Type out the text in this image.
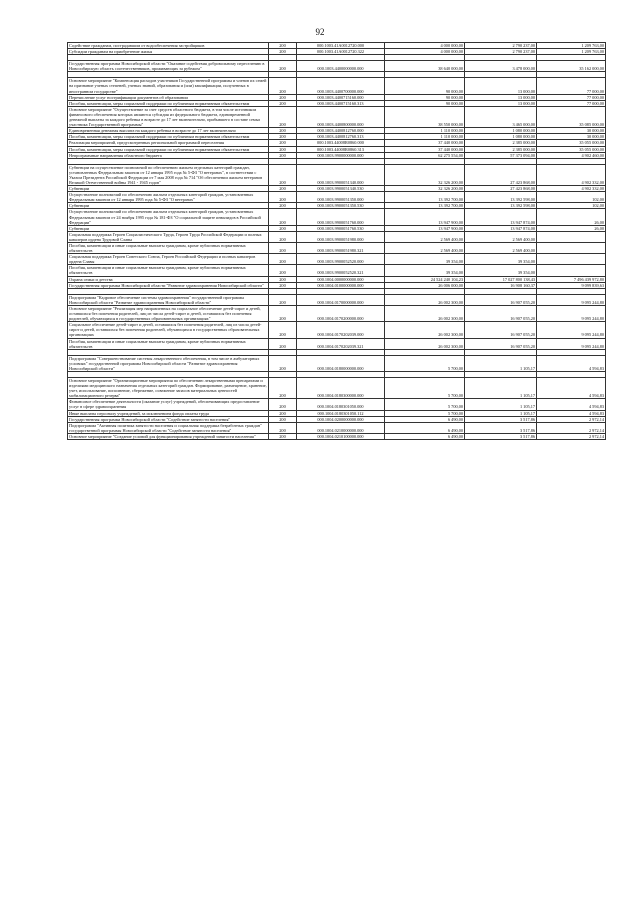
92
Содействие гражданам, пострадавшим от водообеспечения застройщиков	200	000.1003.41А0012720.000	4 000 000,00	2 790 237,00	1 209 763,00
Субсидии гражданам на приобретение жилья	200	000.1003.41А0012720.322	4 000 000,00	2 790 237,00	1 209 763,00

Государственная программа Новосибирской области "Оказание содействия добровольному переселению в Новосибирскую область соотечественников, проживающих за рубежом"	200	000.1003.4400000000.000	38 640 000,00	3 478 000,00	35 162 000,00

Основное мероприятие "Компенсация расходов участников Государственной программы и членов их семей на признание ученых степеней, ученых званий, образования и (или) квалификации, полученных в иностранном государстве"	200	000.1003.4400700000.000	90 000,00	13 000,00	77 000,00
Перечисление услуг нострификации документов об образовании	200	000.1003.4400715160.000	90 000,00	13 000,00	77 000,00
Пособия, компенсации, меры социальной поддержки по публичным нормативным обязательствам	200	000.1003.4400715160.313	90 000,00	13 000,00	77 000,00
Основное мероприятие "Осуществление за счет средств областного бюджета, в том числе источником финансового обеспечения которых являются субсидия из федерального бюджета, единовременной денежной выплаты за каждого ребенка в возрасте до 17 лет включительно, прибывшего в составе семьи участника Государственной программы"	200	000.1003.4400800000.000	38 550 000,00	3 465 000,00	35 085 000,00
Единовременная денежная выплата на каждого ребенка в возрасте до 17 лет включительно	200	000.1003.4400812760.000	1 110 000,00	1 080 000,00	30 000,00
Пособия, компенсации, меры социальной поддержки по публичным нормативным обязательствам	200	000.1003.4400812760.313	1 110 000,00	1 080 000,00	30 000,00
Реализация мероприятий, предусмотренных региональной программой переселения	200	000.1003.44008R0860.000	37 440 000,00	2 385 000,00	35 055 000,00
Пособия, компенсации, меры социальной поддержки по публичным нормативным обязательствам	200	000.1003.44008R0860.313	37 440 000,00	2 385 000,00	35 055 000,00
Непрограммные направления областного бюджета	200	000.1003.9900000000.000	62 275 554,00	57 373 094,00	4 902 460,00

Субвенции на осуществление полномочий по обеспечению жильем отдельных категорий граждан, установленных Федеральным законом от 12 января 1995 года № 5-ФЗ "О ветеранах", в соответствии с Указом Президента Российской Федерации от 7 мая 2008 года № 714 "Об обеспечении жильем ветеранов Великой Отечественной войны 1941 - 1945 годов"	200	000.1003.9900051340.000	32 326 200,00	27 423 868,00	4 902 332,00
Субвенции	200	000.1003.9900051340.530	32 326 200,00	27 423 868,00	4 902 332,00
Осуществление полномочий по обеспечению жильем отдельных категорий граждан, установленных Федеральным законом от 12 января 1995 года № 5-ФЗ "О ветеранах"	200	000.1003.9900051350.000	13 392 700,00	13 392 598,00	102,00
Субвенции	200	000.1003.9900051350.530	13 392 700,00	13 392 598,00	102,00
Осуществление полномочий по обеспечению жильем отдельных категорий граждан, установленных Федеральным законом от 24 ноября 1995 года № 181-ФЗ "О социальной защите инвалидов в Российской Федерации"	200	000.1003.9900051760.000	13 947 900,00	13 947 874,00	26,00
Субвенции	200	000.1003.9900051760.530	13 947 900,00	13 947 874,00	26,00
Социальная поддержка Героев Социалистического Труда, Героев Труда Российской Федерации и полных кавалеров ордена Трудовой Славы	200	000.1003.9900051980.000	2 569 400,00	2 569 400,00	
Пособия, компенсации и иные социальные выплаты гражданам, кроме публичных нормативных обязательств	200	000.1003.9900051980.321	2 569 400,00	2 569 400,00	
Социальная поддержка Героев Советского Союза, Героев Российской Федерации и полных кавалеров ордена Славы	200	000.1003.9900052520.000	39 354,00	39 354,00	
Пособия, компенсации и иные социальные выплаты гражданам, кроме публичных нормативных обязательств	200	000.1003.9900052520.321	39 354,00	39 354,00	
Охрана семьи и детства	200	000.1004.0000000000.000	24 524 240 104,23	17 027 800 138,43	7 496 439 972,80
Государственная программа Новосибирской области "Развитие здравоохранения Новосибирской области"	200	000.1004.0100000000.000	26 006 000,00	16 908 160,37	9 099 839,63

Подпрограмма "Кадровое обеспечение системы здравоохранения" государственной программы Новосибирской области "Развитие здравоохранения Новосибирской области"	200	000.1004.0170000000.000	26 002 300,00	16 907 055,20	9 095 244,80
Основное мероприятие "Реализация мер направленных на социальное обеспечение детей-сирот и детей, оставшихся без попечения родителей, лиц из числа детей-сирот и детей, оставшихся без попечения родителей, обучающихся в государственных образовательных организациях"	200	000.1004.0170200000.000	26 002 300,00	16 907 055,20	9 095 244,80
Социальное обеспечение детей-сирот и детей, оставшихся без попечения родителей, лиц из числа детей-сирот и детей, оставшихся без попечения родителей, обучающихся в государственных образовательных организациях	200	000.1004.0170202039.000	26 002 300,00	16 907 055,20	9 095 244,80
Пособия, компенсации и иные социальные выплаты гражданам, кроме публичных нормативных обязательств	200	000.1004.0170202039.321	26 002 300,00	16 907 055,20	9 095 244,80

Подпрограмма "Совершенствование системы лекарственного обеспечения, в том числе в амбулаторных условиях" государственной программы Новосибирской области "Развитие здравоохранения Новосибирской области"	200	000.1004.0180000000.000	5 700,00	1 105,17	4 594,83

Основное мероприятие "Организационные мероприятия по обеспечению лекарственными препаратами и изделиями медицинского назначения отдельных категорий граждан. Формирование, размещение, хранение, учет, использование, пополнение, сбережение, освежение запасов материальных ценностей мобилизационного резерва"	200	000.1004.0180300000.000	5 700,00	1 105,17	4 594,83
Финансовое обеспечение деятельности (оказание услуг) учреждений, обеспечивающих предоставление услуг в сфере здравоохранения	200	000.1004.0180301050.000	5 700,00	1 105,17	4 594,83
Иные выплаты персоналу учреждений, за исключением фонда оплаты труда	200	000.1004.0180301050.112	5 700,00	1 105,17	4 594,83
Государственная программа Новосибирской области "Содействие занятости населения"	200	000.1004.0200000000.000	6 490,00	3 517,86	2 972,14
Подпрограмма "Активная политика занятости населения и социальная поддержка безработных граждан" государственной программы Новосибирской области "Содействие занятости населения"	200	000.1004.0210000000.000	6 490,00	3 517,86	2 972,14
Основное мероприятие "Создание условий для функционирования учреждений занятости населения"	200	000.1004.0210100000.000	6 490,00	3 517,86	2 972,14
